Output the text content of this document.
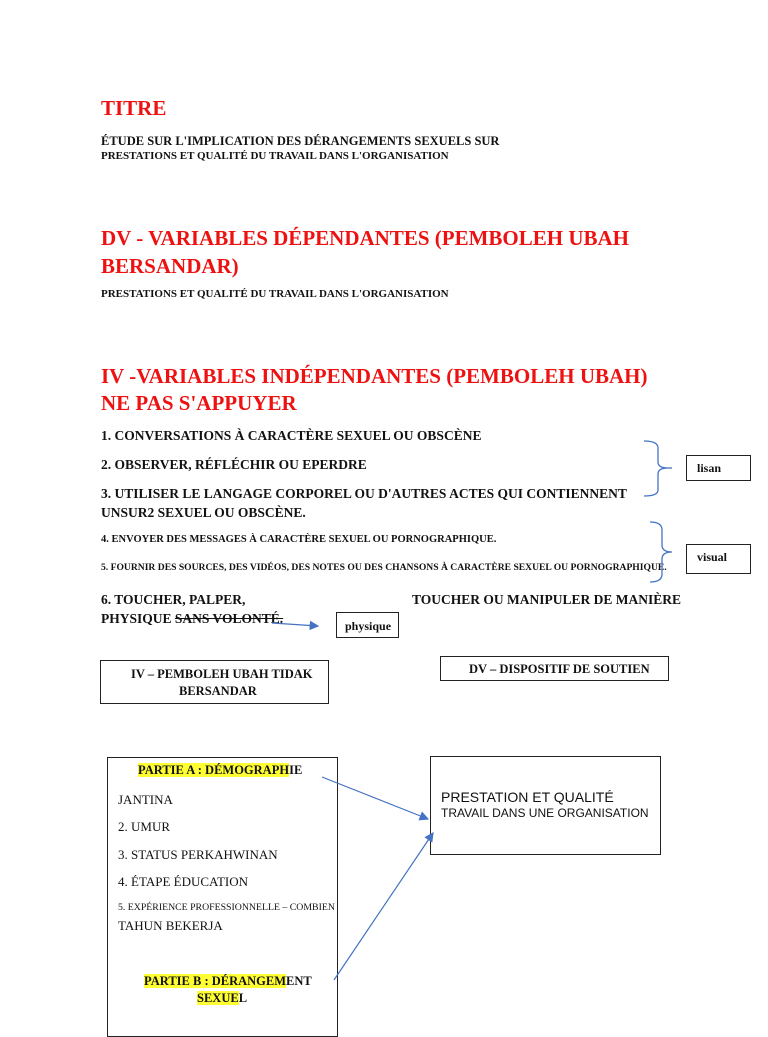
TITRE
ÉTUDE SUR L'IMPLICATION DES DÉRANGEMENTS SEXUELS SUR
PRESTATIONS ET QUALITÉ DU TRAVAIL DANS L'ORGANISATION
DV - VARIABLES DÉPENDANTES (PEMBOLEH UBAH
BERSANDAR)
PRESTATIONS ET QUALITÉ DU TRAVAIL DANS L'ORGANISATION
IV -VARIABLES INDÉPENDANTES (PEMBOLEH UBAH)
NE PAS S'APPUYER
1. CONVERSATIONS À CARACTÈRE SEXUEL OU OBSCÈNE
2. OBSERVER, RÉFLÉCHIR OU EPERDRE
3. UTILISER LE LANGAGE CORPOREL OU D'AUTRES ACTES QUI CONTIENNENT
UNSUR2 SEXUEL OU OBSCÈNE.
4. ENVOYER DES MESSAGES À CARACTÈRE SEXUEL OU PORNOGRAPHIQUE.
lisan
visual
5. FOURNIR DES SOURCES, DES VIDÉOS, DES NOTES OU DES CHANSONS À CARACTÈRE SEXUEL OU PORNOGRAPHIQUE.
6. TOUCHER, PALPER,	TOUCHER OU MANIPULER DE MANIÈRE
PHYSIQUE SANS VOLONTÉ.	physique
IV – PEMBOLEH UBAH TIDAK
BERSANDAR
DV – DISPOSITIF DE SOUTIEN
PARTIE A : DÉMOGRAPHIE
JANTINA
2. UMUR
3. STATUS PERKAHWINAN
4. ÉTAPE ÉDUCATION
5. EXPÉRIENCE PROFESSIONNELLE – COMBIEN
TAHUN BEKERJA
PARTIE B : DÉRANGEMENT
SEXUEL
PRESTATION ET QUALITÉ
TRAVAIL DANS UNE ORGANISATION
